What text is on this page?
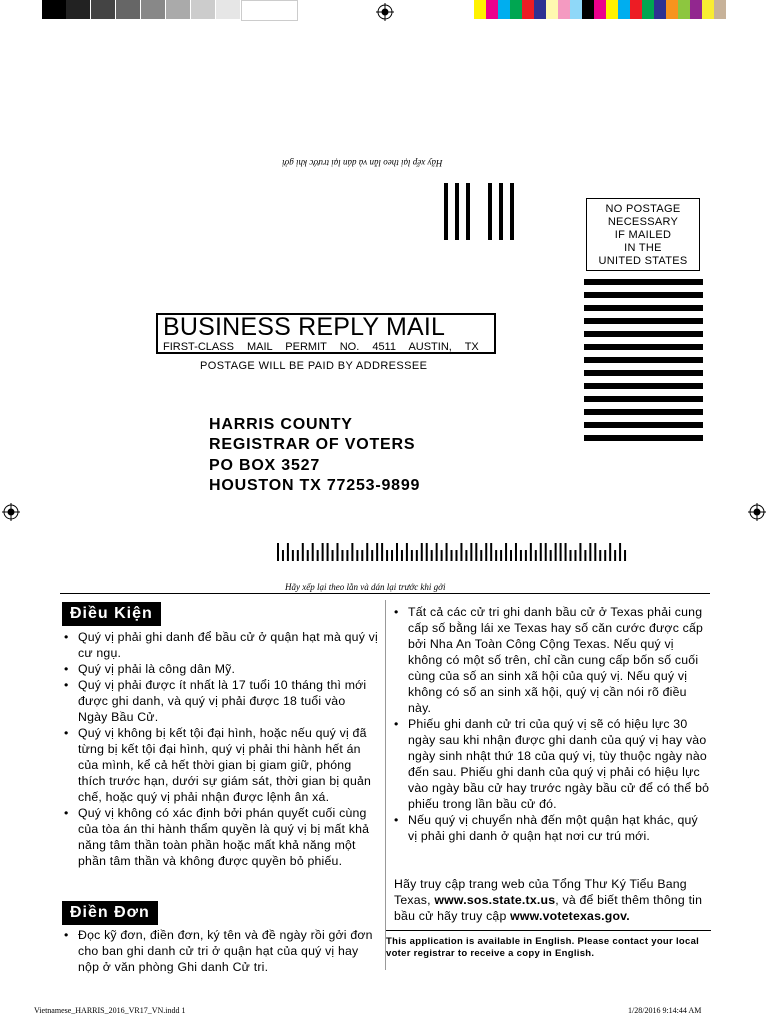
Hãy xếp lại theo lằn và dán lại trước khi gởi
NO POSTAGE
NECESSARY
IF MAILED
IN THE
UNITED STATES
BUSINESS REPLY MAIL
FIRST-CLASS MAIL PERMIT NO. 4511 AUSTIN, TX
POSTAGE WILL BE PAID BY ADDRESSEE
HARRIS COUNTY
REGISTRAR OF VOTERS
PO BOX 3527
HOUSTON TX 77253-9899
Hãy xếp lại theo lằn và dán lại trước khi gởi
Điều Kiện
• Quý vị phải ghi danh để bầu cử ở quận hạt mà quý vị cư ngụ.
• Quý vị phải là công dân Mỹ.
• Quý vị phải được ít nhất là 17 tuổi 10 tháng thì mới được ghi danh, và quý vị phải được 18 tuổi vào Ngày Bầu Cử.
• Quý vị không bị kết tội đại hình, hoặc nếu quý vị đã từng bị kết tội đại hình, quý vị phải thi hành hết án của mình, kể cả hết thời gian bị giam giữ, phóng thích trước hạn, dưới sự giám sát, thời gian bị quản chế, hoặc quý vị phải nhận được lệnh ân xá.
• Quý vị không có xác định bởi phán quyết cuối cùng của tòa án thi hành thẩm quyền là quý vị bị mất khả năng tâm thần toàn phần hoặc mất khả năng một phần tâm thần và không được quyền bỏ phiếu.
Điền Đơn
• Đọc kỹ đơn, điền đơn, ký tên và đề ngày rồi gởi đơn cho ban ghi danh cử tri ở quận hạt của quý vị hay nộp ở văn phòng Ghi danh Cử tri.
• Tất cả các cử tri ghi danh bầu cử ở Texas phải cung cấp số bằng lái xe Texas hay số căn cước được cấp bởi Nha An Toàn Công Cộng Texas. Nếu quý vị không có một số trên, chỉ cần cung cấp bốn số cuối cùng của số an sinh xã hội của quý vị. Nếu quý vị không có số an sinh xã hội, quý vị cần nói rõ điều này.
• Phiếu ghi danh cử tri của quý vị sẽ có hiệu lực 30 ngày sau khi nhận được ghi danh của quý vị hay vào ngày sinh nhật thứ 18 của quý vị, tùy thuộc ngày nào đến sau. Phiếu ghi danh của quý vị phải có hiệu lực vào ngày bầu cử hay trước ngày bầu cử để có thể bỏ phiếu trong lần bầu cử đó.
• Nếu quý vị chuyển nhà đến một quận hạt khác, quý vị phải ghi danh ở quận hạt nơi cư trú mới.
Hãy truy cập trang web của Tổng Thư Ký Tiểu Bang Texas, www.sos.state.tx.us, và để biết thêm thông tin bầu cử hãy truy cập www.votetexas.gov.
This application is available in English. Please contact your local voter registrar to receive a copy in English.
Vietnamese_HARRIS_2016_VR17_VN.indd 1	1/28/2016 9:14:44 AM
